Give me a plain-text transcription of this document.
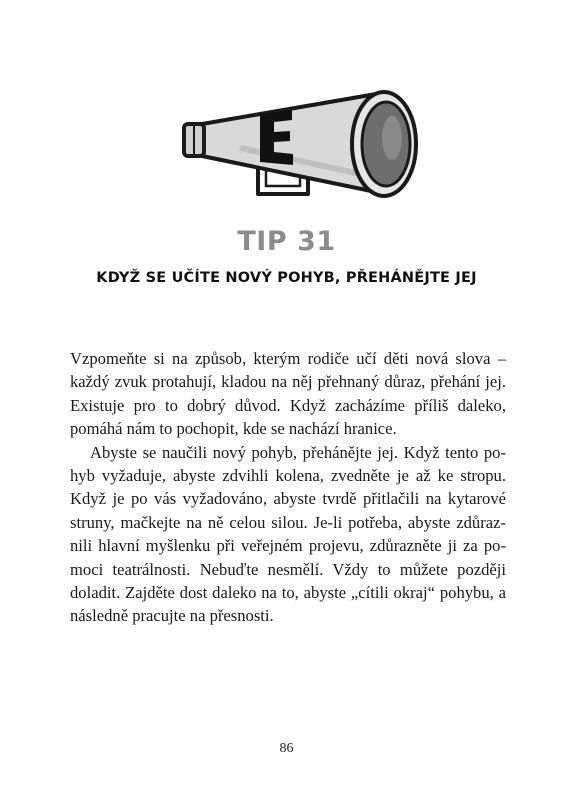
TIP 31
KDYŽ SE UČÍTE NOVÝ POHYB, PŘEHÁNĚJTE JEJ

Vzpomeňte si na způsob, kterým rodiče učí děti nová slova – každý zvuk protahují, kladou na něj přehnaný důraz, přehání jej. Existuje pro to dobrý důvod. Když zacházíme příliš daleko, pomáhá nám to pochopit, kde se nachází hranice.

Abyste se naučili nový pohyb, přehánějte jej. Když tento pohyb vyžaduje, abyste zdvihli kolena, zvedněte je až ke stropu. Když je po vás vyžadováno, abyste tvrdě přitlačili na kytarové struny, mačkejte na ně celou silou. Je-li potřeba, abyste zdůraznili hlavní myšlenku při veřejném projevu, zdůrazněte ji za pomoci teatrálnosti. Nebuďte nesmělí. Vždy to můžete později doladit. Zajděte dost daleko na to, abyste „cítili okraj“ pohybu, a následně pracujte na přesnosti.

86
